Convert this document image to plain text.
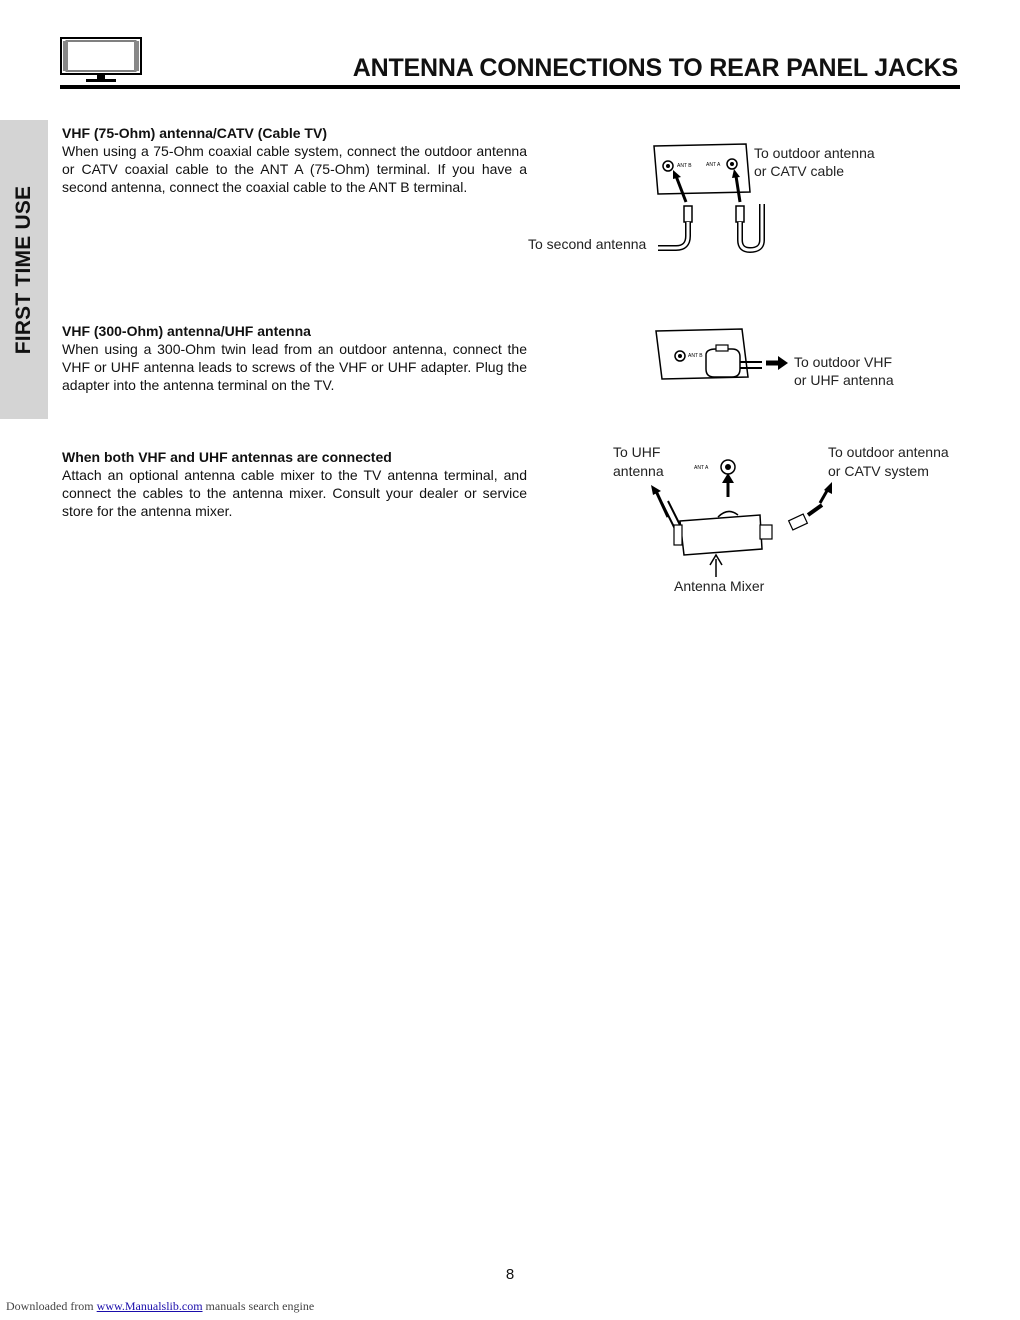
ANTENNA CONNECTIONS TO REAR PANEL JACKS
FIRST TIME USE
VHF (75-Ohm) antenna/CATV (Cable TV)

When using a 75-Ohm coaxial cable system, connect the outdoor antenna or CATV coaxial cable to the ANT A (75-Ohm) terminal. If you have a second antenna, connect the coaxial cable to the ANT B terminal.

VHF (300-Ohm) antenna/UHF antenna

When using a 300-Ohm twin lead from an outdoor antenna, connect the VHF or UHF antenna leads to screws of the VHF or UHF adapter. Plug the adapter into the antenna terminal on the TV.

When both VHF and UHF antennas are connected

Attach an optional antenna cable mixer to the TV antenna terminal, and connect the cables to the antenna mixer. Consult your dealer or service store for the antenna mixer.

ANT B	ANT A
To outdoor antenna
or CATV cable
To second antenna
ANT B	To outdoor VHF
or UHF antenna
ANT A
To UHF
antenna
To outdoor antenna
or CATV system
Antenna Mixer
8
Downloaded from www.Manualslib.com manuals search engine
